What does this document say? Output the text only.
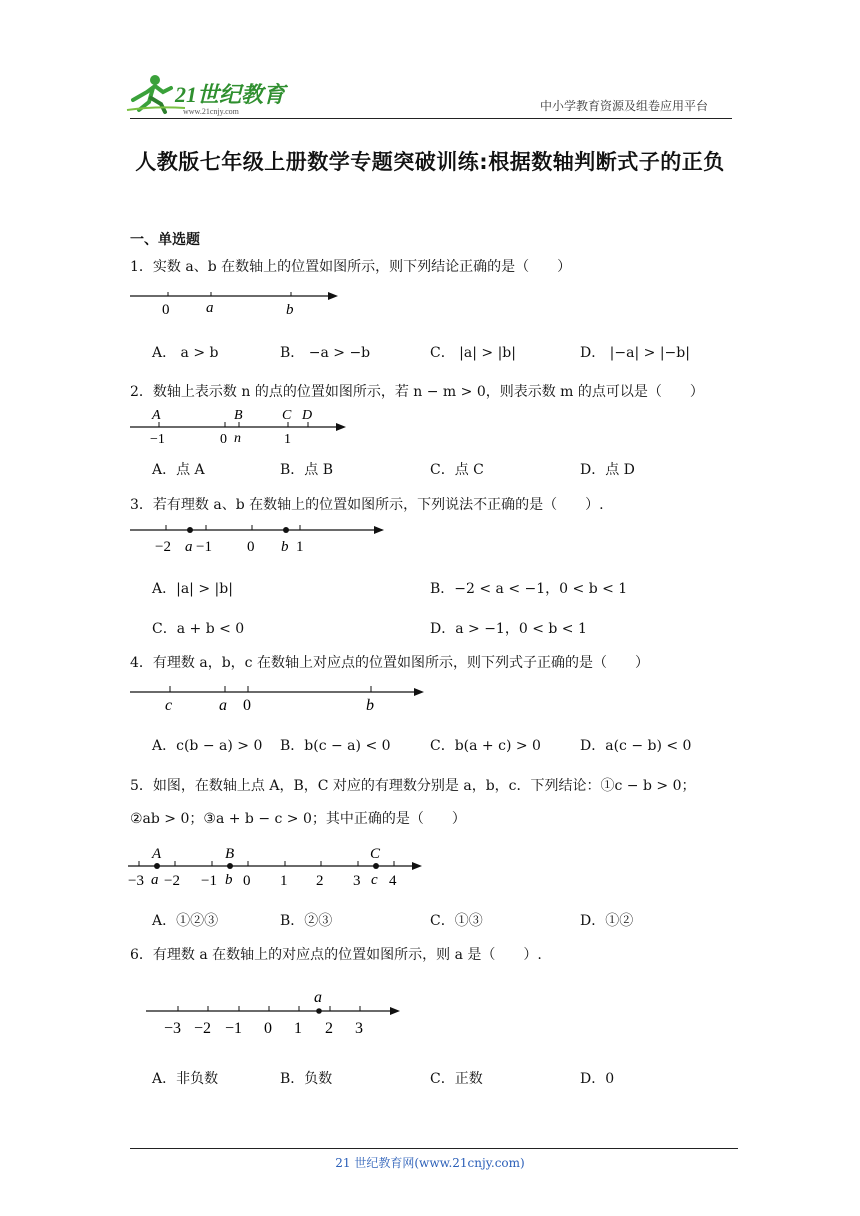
21世纪教育
www.21cnjy.com	中小学教育资源及组卷应用平台
人教版七年级上册数学专题突破训练:根据数轴判断式子的正负
一、单选题
1．实数 a、b 在数轴上的位置如图所示，则下列结论正确的是（　　）
0 a	b
A． a > b	B． −a > −b	C． |a| > |b|	D． |−a| > |−b|
2．数轴上表示数 n 的点的位置如图所示，若 n − m > 0，则表示数 m 的点可以是（　　）
A	B	C D
−1	0 n	1
A．点 A	B．点 B	C．点 C	D．点 D
3．若有理数 a、b 在数轴上的位置如图所示，下列说法不正确的是（　　）.
−2 a −1 0 b 1
A．|a| > |b|	B．−2 < a < −1，0 < b < 1
C．a + b < 0	D．a > −1，0 < b < 1
4．有理数 a，b，c 在数轴上对应点的位置如图所示，则下列式子正确的是（　　）
c	a 0	b
A．c(b − a) > 0 B．b(c − a) < 0	C．b(a + c) > 0	D．a(c − b) < 0
5．如图，在数轴上点 A，B，C 对应的有理数分别是 a，b，c．下列结论：①c − b > 0；
②ab > 0；③a + b − c > 0；其中正确的是（　　）
A	B	C
−3 a −2 −1 b 0 1 2 3 c 4
A．①②③	B．②③	C．①③	D．①②
6．有理数 a 在数轴上的对应点的位置如图所示，则 a 是（　　）.
a
−3 −2 −1 0 1 2 3
A．非负数	B．负数	C．正数	D．0
21 世纪教育网(www.21cnjy.com)
